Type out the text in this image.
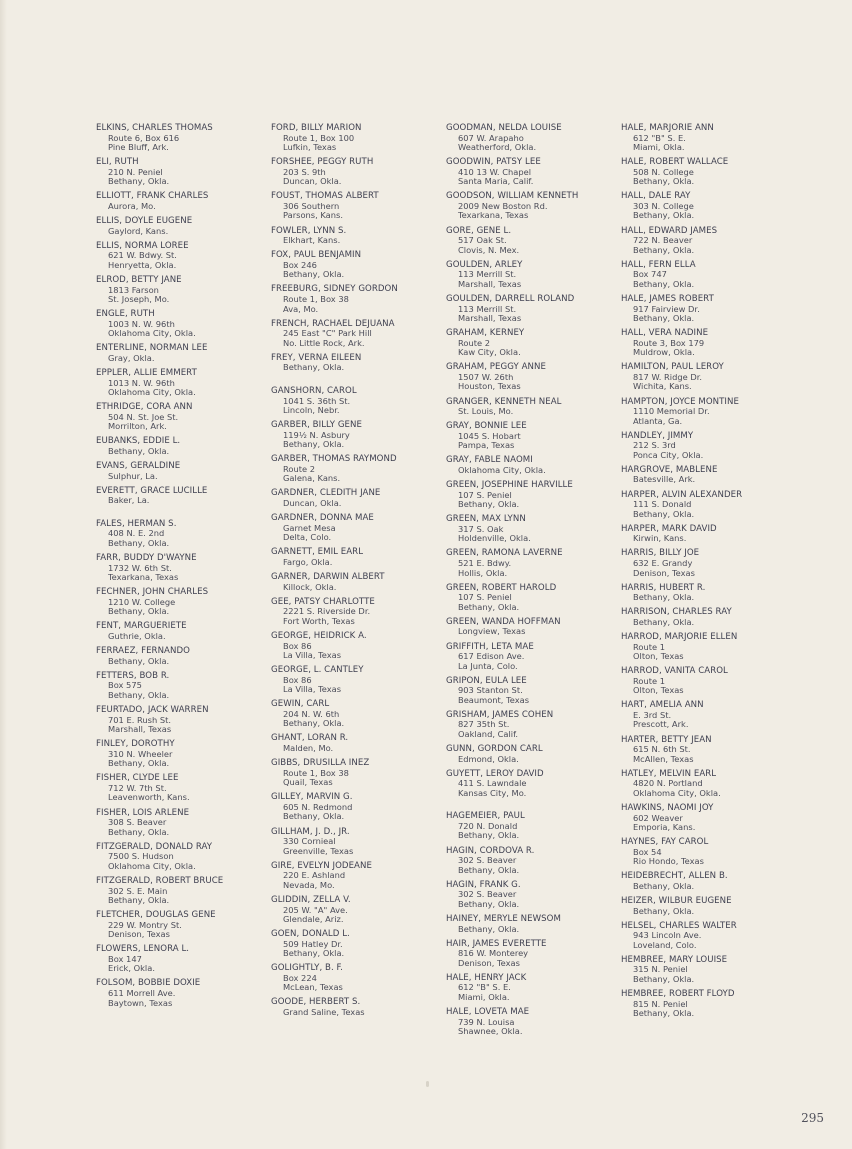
ELKINS, CHARLES THOMAS
Route 6, Box 616
Pine Bluff, Ark.
ELI, RUTH
210 N. Peniel
Bethany, Okla.
ELLIOTT, FRANK CHARLES
Aurora, Mo.
ELLIS, DOYLE EUGENE
Gaylord, Kans.
ELLIS, NORMA LOREE
621 W. Bdwy. St.
Henryetta, Okla.
ELROD, BETTY JANE
1813 Farson
St. Joseph, Mo.
ENGLE, RUTH
1003 N. W. 96th
Oklahoma City, Okla.
ENTERLINE, NORMAN LEE
Gray, Okla.
EPPLER, ALLIE EMMERT
1013 N. W. 96th
Oklahoma City, Okla.
ETHRIDGE, CORA ANN
504 N. St. Joe St.
Morrilton, Ark.
EUBANKS, EDDIE L.
Bethany, Okla.
EVANS, GERALDINE
Sulphur, La.
EVERETT, GRACE LUCILLE
Baker, La.
FALES, HERMAN S.
408 N. E. 2nd
Bethany, Okla.
FARR, BUDDY D'WAYNE
1732 W. 6th St.
Texarkana, Texas
FECHNER, JOHN CHARLES
1210 W. College
Bethany, Okla.
FENT, MARGUERIETE
Guthrie, Okla.
FERRAEZ, FERNANDO
Bethany, Okla.
FETTERS, BOB R.
Box 575
Bethany, Okla.
FEURTADO, JACK WARREN
701 E. Rush St.
Marshall, Texas
FINLEY, DOROTHY
310 N. Wheeler
Bethany, Okla.
FISHER, CLYDE LEE
712 W. 7th St.
Leavenworth, Kans.
FISHER, LOIS ARLENE
308 S. Beaver
Bethany, Okla.
FITZGERALD, DONALD RAY
7500 S. Hudson
Oklahoma City, Okla.
FITZGERALD, ROBERT BRUCE
302 S. E. Main
Bethany, Okla.
FLETCHER, DOUGLAS GENE
229 W. Montry St.
Denison, Texas
FLOWERS, LENORA L.
Box 147
Erick, Okla.
FOLSOM, BOBBIE DOXIE
611 Morrell Ave.
Baytown, Texas
FORD, BILLY MARION
Route 1, Box 100
Lufkin, Texas
FORSHEE, PEGGY RUTH
203 S. 9th
Duncan, Okla.
FOUST, THOMAS ALBERT
306 Southern
Parsons, Kans.
FOWLER, LYNN S.
Elkhart, Kans.
FOX, PAUL BENJAMIN
Box 246
Bethany, Okla.
FREEBURG, SIDNEY GORDON
Route 1, Box 38
Ava, Mo.
FRENCH, RACHAEL DEJUANA
245 East "C" Park Hill
No. Little Rock, Ark.
FREY, VERNA EILEEN
Bethany, Okla.
GANSHORN, CAROL
1041 S. 36th St.
Lincoln, Nebr.
GARBER, BILLY GENE
119½ N. Asbury
Bethany, Okla.
GARBER, THOMAS RAYMOND
Route 2
Galena, Kans.
GARDNER, CLEDITH JANE
Duncan, Okla.
GARDNER, DONNA MAE
Garnet Mesa
Delta, Colo.
GARNETT, EMIL EARL
Fargo, Okla.
GARNER, DARWIN ALBERT
Killock, Okla.
GEE, PATSY CHARLOTTE
2221 S. Riverside Dr.
Fort Worth, Texas
GEORGE, HEIDRICK A.
Box 86
La Villa, Texas
GEORGE, L. CANTLEY
Box 86
La Villa, Texas
GEWIN, CARL
204 N. W. 6th
Bethany, Okla.
GHANT, LORAN R.
Malden, Mo.
GIBBS, DRUSILLA INEZ
Route 1, Box 38
Quail, Texas
GILLEY, MARVIN G.
605 N. Redmond
Bethany, Okla.
GILLHAM, J. D., JR.
330 Cornieal
Greenville, Texas
GIRE, EVELYN JODEANE
220 E. Ashland
Nevada, Mo.
GLIDDIN, ZELLA V.
205 W. "A" Ave.
Glendale, Ariz.
GOEN, DONALD L.
509 Hatley Dr.
Bethany, Okla.
GOLIGHTLY, B. F.
Box 224
McLean, Texas
GOODE, HERBERT S.
Grand Saline, Texas
GOODMAN, NELDA LOUISE
607 W. Arapaho
Weatherford, Okla.
GOODWIN, PATSY LEE
410 13 W. Chapel
Santa Maria, Calif.
GOODSON, WILLIAM KENNETH
2009 New Boston Rd.
Texarkana, Texas
GORE, GENE L.
517 Oak St.
Clovis, N. Mex.
GOULDEN, ARLEY
113 Merrill St.
Marshall, Texas
GOULDEN, DARRELL ROLAND
113 Merrill St.
Marshall, Texas
GRAHAM, KERNEY
Route 2
Kaw City, Okla.
GRAHAM, PEGGY ANNE
1507 W. 26th
Houston, Texas
GRANGER, KENNETH NEAL
St. Louis, Mo.
GRAY, BONNIE LEE
1045 S. Hobart
Pampa, Texas
GRAY, FABLE NAOMI
Oklahoma City, Okla.
GREEN, JOSEPHINE HARVILLE
107 S. Peniel
Bethany, Okla.
GREEN, MAX LYNN
317 S. Oak
Holdenville, Okla.
GREEN, RAMONA LAVERNE
521 E. Bdwy.
Hollis, Okla.
GREEN, ROBERT HAROLD
107 S. Peniel
Bethany, Okla.
GREEN, WANDA HOFFMAN
Longview, Texas
GRIFFITH, LETA MAE
617 Edison Ave.
La Junta, Colo.
GRIPON, EULA LEE
903 Stanton St.
Beaumont, Texas
GRISHAM, JAMES COHEN
827 35th St.
Oakland, Calif.
GUNN, GORDON CARL
Edmond, Okla.
GUYETT, LEROY DAVID
411 S. Lawndale
Kansas City, Mo.
HAGEMEIER, PAUL
720 N. Donald
Bethany, Okla.
HAGIN, CORDOVA R.
302 S. Beaver
Bethany, Okla.
HAGIN, FRANK G.
302 S. Beaver
Bethany, Okla.
HAINEY, MERYLE NEWSOM
Bethany, Okla.
HAIR, JAMES EVERETTE
816 W. Monterey
Denison, Texas
HALE, HENRY JACK
612 "B" S. E.
Miami, Okla.
HALE, LOVETA MAE
739 N. Louisa
Shawnee, Okla.
HALE, MARJORIE ANN
612 "B" S. E.
Miami, Okla.
HALE, ROBERT WALLACE
508 N. College
Bethany, Okla.
HALL, DALE RAY
303 N. College
Bethany, Okla.
HALL, EDWARD JAMES
722 N. Beaver
Bethany, Okla.
HALL, FERN ELLA
Box 747
Bethany, Okla.
HALE, JAMES ROBERT
917 Fairview Dr.
Bethany, Okla.
HALL, VERA NADINE
Route 3, Box 179
Muldrow, Okla.
HAMILTON, PAUL LEROY
817 W. Ridge Dr.
Wichita, Kans.
HAMPTON, JOYCE MONTINE
1110 Memorial Dr.
Atlanta, Ga.
HANDLEY, JIMMY
212 S. 3rd
Ponca City, Okla.
HARGROVE, MABLENE
Batesville, Ark.
HARPER, ALVIN ALEXANDER
111 S. Donald
Bethany, Okla.
HARPER, MARK DAVID
Kirwin, Kans.
HARRIS, BILLY JOE
632 E. Grandy
Denison, Texas
HARRIS, HUBERT R.
Bethany, Okla.
HARRISON, CHARLES RAY
Bethany, Okla.
HARROD, MARJORIE ELLEN
Route 1
Olton, Texas
HARROD, VANITA CAROL
Route 1
Olton, Texas
HART, AMELIA ANN
E. 3rd St.
Prescott, Ark.
HARTER, BETTY JEAN
615 N. 6th St.
McAllen, Texas
HATLEY, MELVIN EARL
4820 N. Portland
Oklahoma City, Okla.
HAWKINS, NAOMI JOY
602 Weaver
Emporia, Kans.
HAYNES, FAY CAROL
Box 54
Rio Hondo, Texas
HEIDEBRECHT, ALLEN B.
Bethany, Okla.
HEIZER, WILBUR EUGENE
Bethany, Okla.
HELSEL, CHARLES WALTER
943 Lincoln Ave.
Loveland, Colo.
HEMBREE, MARY LOUISE
315 N. Peniel
Bethany, Okla.
HEMBREE, ROBERT FLOYD
815 N. Peniel
Bethany, Okla.
295
